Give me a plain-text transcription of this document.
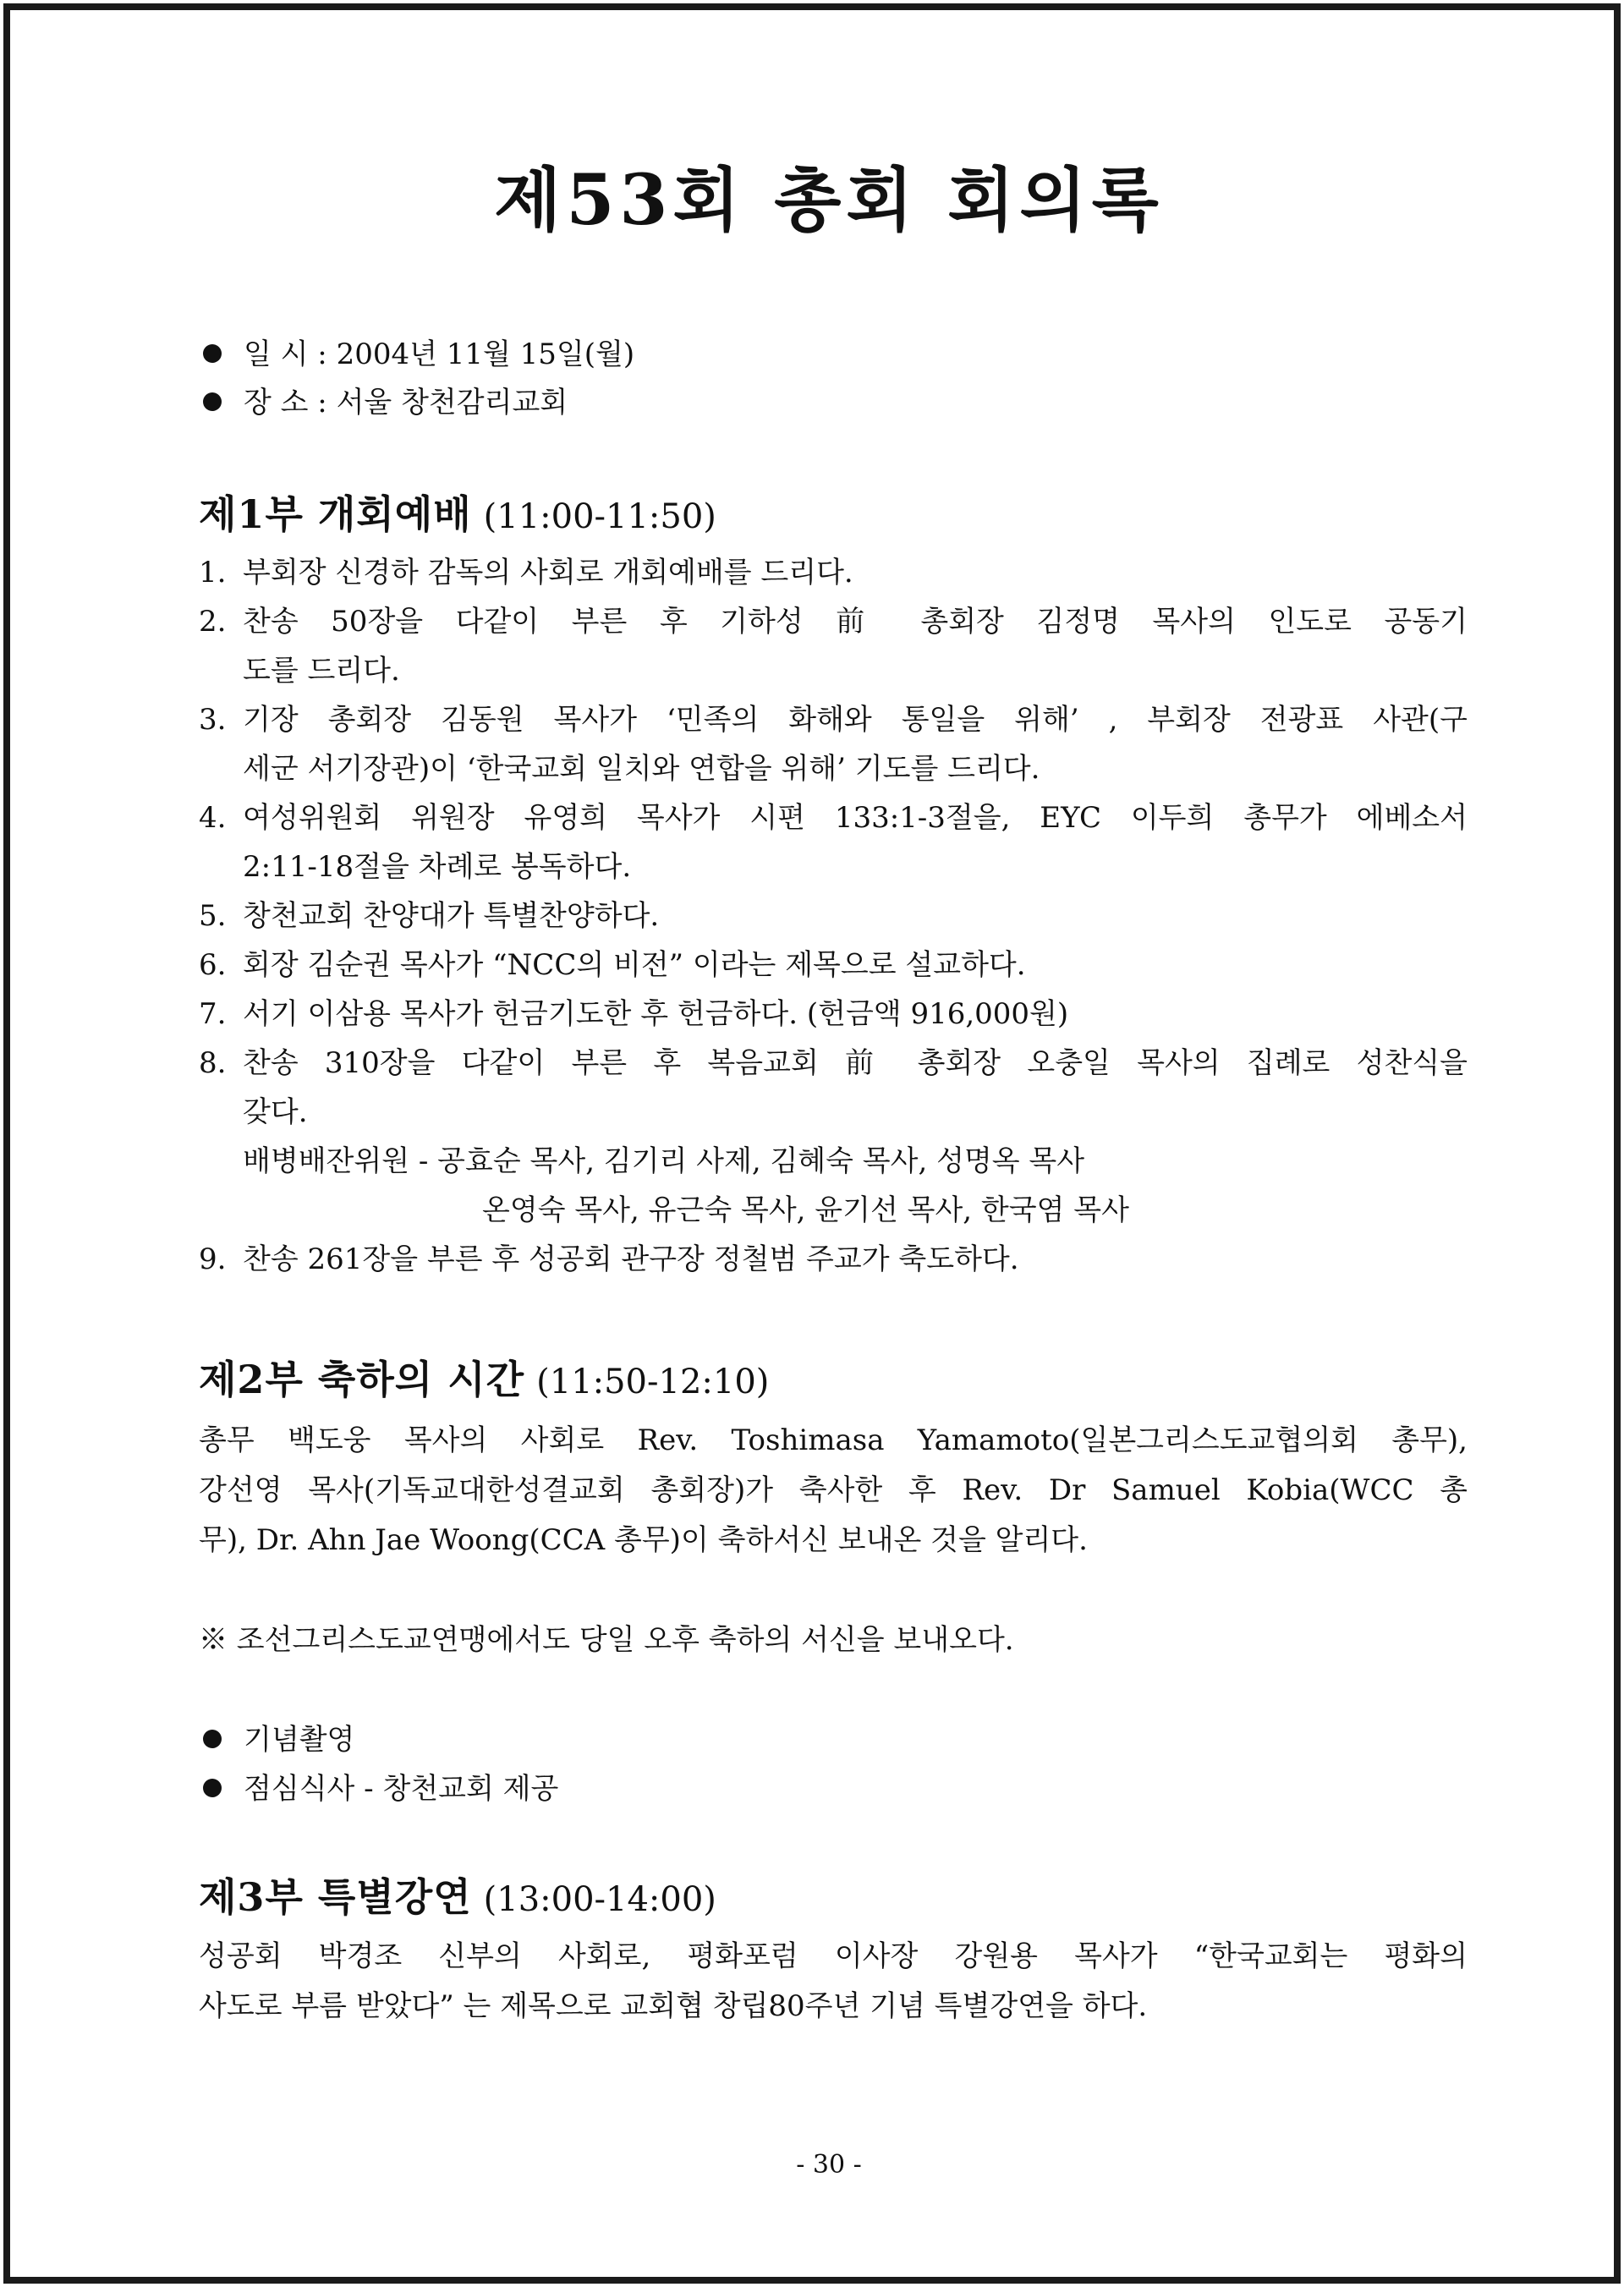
제53회 총회 회의록
일 시 : 2004년 11월 15일(월)
장 소 : 서울 창천감리교회
제1부 개회예배 (11:00-11:50)
1. 부회장 신경하 감독의 사회로 개회예배를 드리다.
2. 찬송 50장을 다같이 부른 후 기하성 前 총회장 김정명 목사의 인도로 공동기
도를 드리다.
3. 기장 총회장 김동원 목사가 ‘민족의 화해와 통일을 위해’ , 부회장 전광표 사관(구
세군 서기장관)이 ‘한국교회 일치와 연합을 위해’ 기도를 드리다.
4. 여성위원회 위원장 유영희 목사가 시편 133:1-3절을, EYC 이두희 총무가 에베소서
2:11-18절을 차례로 봉독하다.
5. 창천교회 찬양대가 특별찬양하다.
6. 회장 김순권 목사가 “NCC의 비전” 이라는 제목으로 설교하다.
7. 서기 이삼용 목사가 헌금기도한 후 헌금하다. (헌금액 916,000원)
8. 찬송 310장을 다같이 부른 후 복음교회 前 총회장 오충일 목사의 집례로 성찬식을
갖다.
배병배잔위원 - 공효순 목사, 김기리 사제, 김혜숙 목사, 성명옥 목사
온영숙 목사, 유근숙 목사, 윤기선 목사, 한국염 목사
9. 찬송 261장을 부른 후 성공회 관구장 정철범 주교가 축도하다.
제2부 축하의 시간 (11:50-12:10)
총무 백도웅 목사의 사회로 Rev. Toshimasa Yamamoto(일본그리스도교협의회 총무),
강선영 목사(기독교대한성결교회 총회장)가 축사한 후 Rev. Dr Samuel Kobia(WCC 총
무), Dr. Ahn Jae Woong(CCA 총무)이 축하서신 보내온 것을 알리다.
※ 조선그리스도교연맹에서도 당일 오후 축하의 서신을 보내오다.
기념촬영
점심식사 - 창천교회 제공
제3부 특별강연 (13:00-14:00)
성공회 박경조 신부의 사회로, 평화포럼 이사장 강원용 목사가 “한국교회는 평화의
사도로 부름 받았다” 는 제목으로 교회협 창립80주년 기념 특별강연을 하다.
- 30 -
